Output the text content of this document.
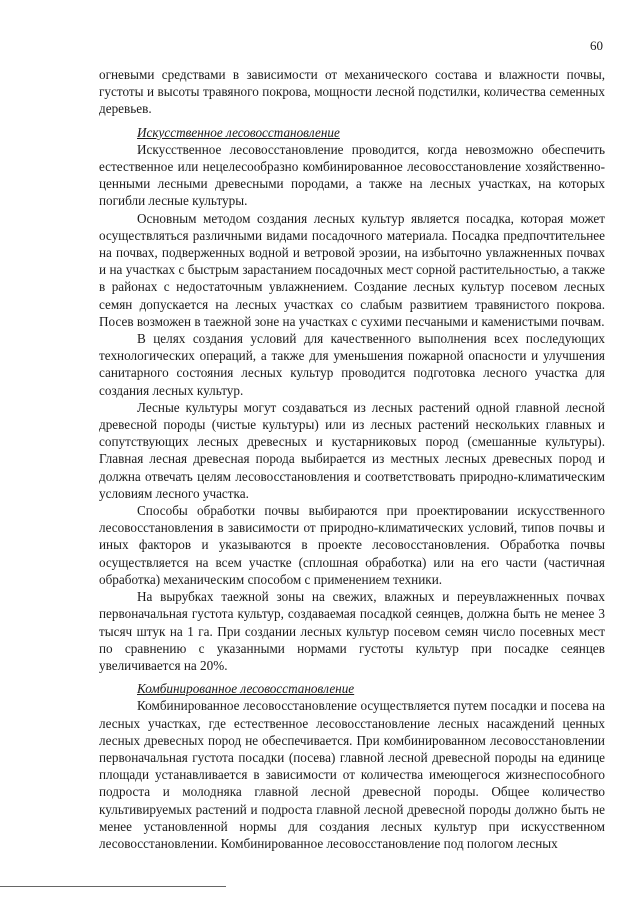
60

огневыми средствами в зависимости от механического состава и влажности почвы, густоты и высоты травяного покрова, мощности лесной подстилки, количества семенных деревьев.

Искусственное лесовосстановление

Искусственное лесовосстановление проводится, когда невозможно обеспечить естественное или нецелесообразно комбинированное лесовосстановление хозяйственно-ценными лесными древесными породами, а также на лесных участках, на которых погибли лесные культуры.

Основным методом создания лесных культур является посадка, которая может осуществляться различными видами посадочного материала. Посадка предпочтительнее на почвах, подверженных водной и ветровой эрозии, на избыточно увлажненных почвах и на участках с быстрым зарастанием посадочных мест сорной растительностью, а также в районах с недостаточным увлажнением. Создание лесных культур посевом лесных семян допускается на лесных участках со слабым развитием травянистого покрова. Посев возможен в таежной зоне на участках с сухими песчаными и каменистыми почвам.

В целях создания условий для качественного выполнения всех последующих технологических операций, а также для уменьшения пожарной опасности и улучшения санитарного состояния лесных культур проводится подготовка лесного участка для создания лесных культур.

Лесные культуры могут создаваться из лесных растений одной главной лесной древесной породы (чистые культуры) или из лесных растений нескольких главных и сопутствующих лесных древесных и кустарниковых пород (смешанные культуры). Главная лесная древесная порода выбирается из местных лесных древесных пород и должна отвечать целям лесовосстановления и соответствовать природно-климатическим условиям лесного участка.

Способы обработки почвы выбираются при проектировании искусственного лесовосстановления в зависимости от природно-климатических условий, типов почвы и иных факторов и указываются в проекте лесовосстановления. Обработка почвы осуществляется на всем участке (сплошная обработка) или на его части (частичная обработка) механическим способом с применением техники.

На вырубках таежной зоны на свежих, влажных и переувлажненных почвах первоначальная густота культур, создаваемая посадкой сеянцев, должна быть не менее 3 тысяч штук на 1 га. При создании лесных культур посевом семян число посевных мест по сравнению с указанными нормами густоты культур при посадке сеянцев увеличивается на 20%.

Комбинированное лесовосстановление

Комбинированное лесовосстановление осуществляется путем посадки и посева на лесных участках, где естественное лесовосстановление лесных насаждений ценных лесных древесных пород не обеспечивается. При комбинированном лесовосстановлении первоначальная густота посадки (посева) главной лесной древесной породы на единице площади устанавливается в зависимости от количества имеющегося жизнеспособного подроста и молодняка главной лесной древесной породы. Общее количество культивируемых растений и подроста главной лесной древесной породы должно быть не менее установленной нормы для создания лесных культур при искусственном лесовосстановлении. Комбинированное лесовосстановление под пологом лесных
